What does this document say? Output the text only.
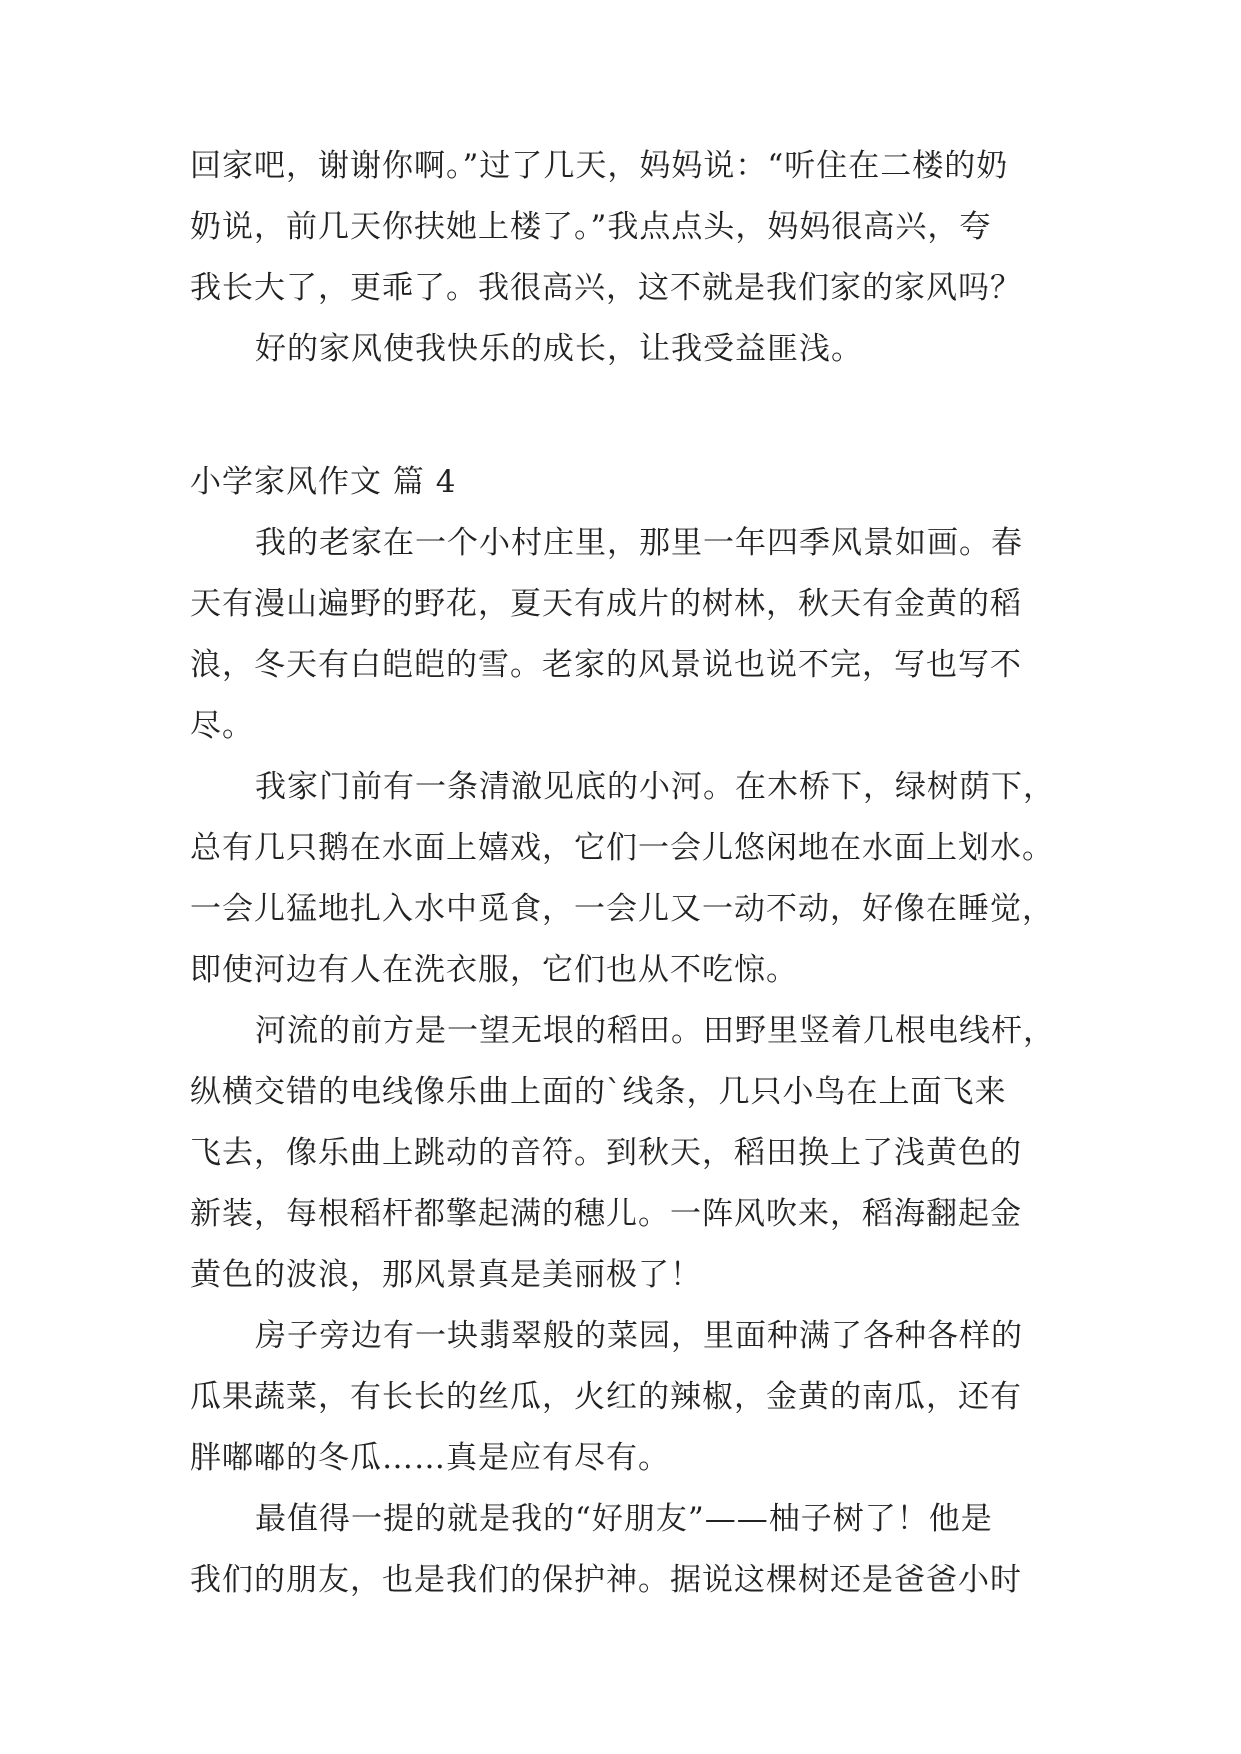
回家吧，谢谢你啊。”过了几天，妈妈说：“听住在二楼的奶
奶说，前几天你扶她上楼了。”我点点头，妈妈很高兴，夸
我长大了，更乖了。我很高兴，这不就是我们家的家风吗？
好的家风使我快乐的成长，让我受益匪浅。
小学家风作文 篇 4
我的老家在一个小村庄里，那里一年四季风景如画。春
天有漫山遍野的野花，夏天有成片的树林，秋天有金黄的稻
浪，冬天有白皑皑的雪。老家的风景说也说不完，写也写不
尽。
我家门前有一条清澈见底的小河。在木桥下，绿树荫下，
总有几只鹅在水面上嬉戏，它们一会儿悠闲地在水面上划水。
一会儿猛地扎入水中觅食，一会儿又一动不动，好像在睡觉，
即使河边有人在洗衣服，它们也从不吃惊。
河流的前方是一望无垠的稻田。田野里竖着几根电线杆，
纵横交错的电线像乐曲上面的`线条，几只小鸟在上面飞来
飞去，像乐曲上跳动的音符。到秋天，稻田换上了浅黄色的
新装，每根稻杆都擎起满的穗儿。一阵风吹来，稻海翻起金
黄色的波浪，那风景真是美丽极了！
房子旁边有一块翡翠般的菜园，里面种满了各种各样的
瓜果蔬菜，有长长的丝瓜，火红的辣椒，金黄的南瓜，还有
胖嘟嘟的冬瓜……真是应有尽有。
最值得一提的就是我的“好朋友”——柚子树了！他是
我们的朋友，也是我们的保护神。据说这棵树还是爸爸小时
